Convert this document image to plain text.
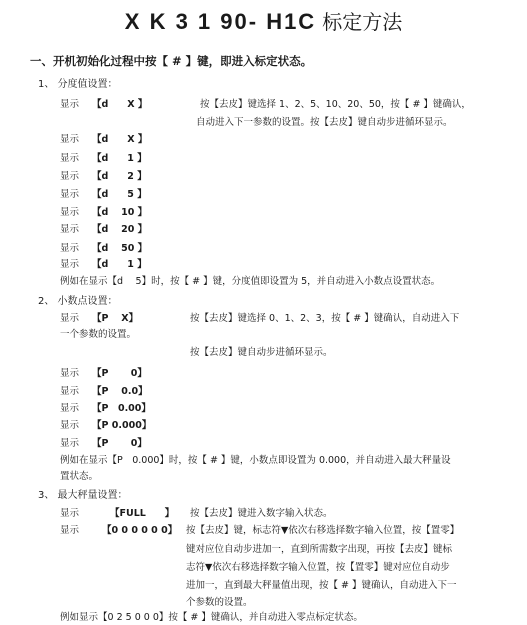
X K 3 1 90- H1C 标定方法
一、开机初始化过程中按【 # 】键，即进入标定状态。
1、 分度值设置：
显示 【d　　X 】	按【去皮】键选择 1、2、5、10、20、50，按【 # 】键确认，
自动进入下一参数的设置。按【去皮】键自动步进循环显示。
显示 【d　　X 】
显示 【d　　1 】
显示 【d　　2 】
显示 【d　　5 】
显示 【d　 10 】
显示 【d　 20 】
显示 【d　 50 】
显示 【d　　1 】
例如在显示【d　 5】时，按【 # 】键，分度值即设置为 5，并自动进入小数点设置状态。
2、 小数点设置：
显示 【P　 X】	按【去皮】键选择 0、1、2、3，按【 # 】键确认，自动进入下
一个参数的设置。
按【去皮】键自动步进循环显示。
显示 【P　　 0】
显示 【P　 0.0】
显示 【P　0.00】
显示 【P 0.000】
显示 【P　　 0】
例如在显示【P　0.000】时，按【 # 】键，小数点即设置为 0.000，并自动进入最大秤量设
置状态。
3、 最大秤量设置：
显示	【FULL　　】 按【去皮】键进入数字输入状态。
显示 【0 0 0 0 0 0】 按【去皮】键，标志符▼依次右移选择数字输入位置，按【置零】
键对应位自动步进加一，直到所需数字出现，再按【去皮】键标
志符▼依次右移选择数字输入位置，按【置零】键对应位自动步
进加一，直到最大秤量值出现，按【 # 】键确认，自动进入下一
个参数的设置。
例如显示【0 2 5 0 0 0】按【 # 】键确认，并自动进入零点标定状态。
